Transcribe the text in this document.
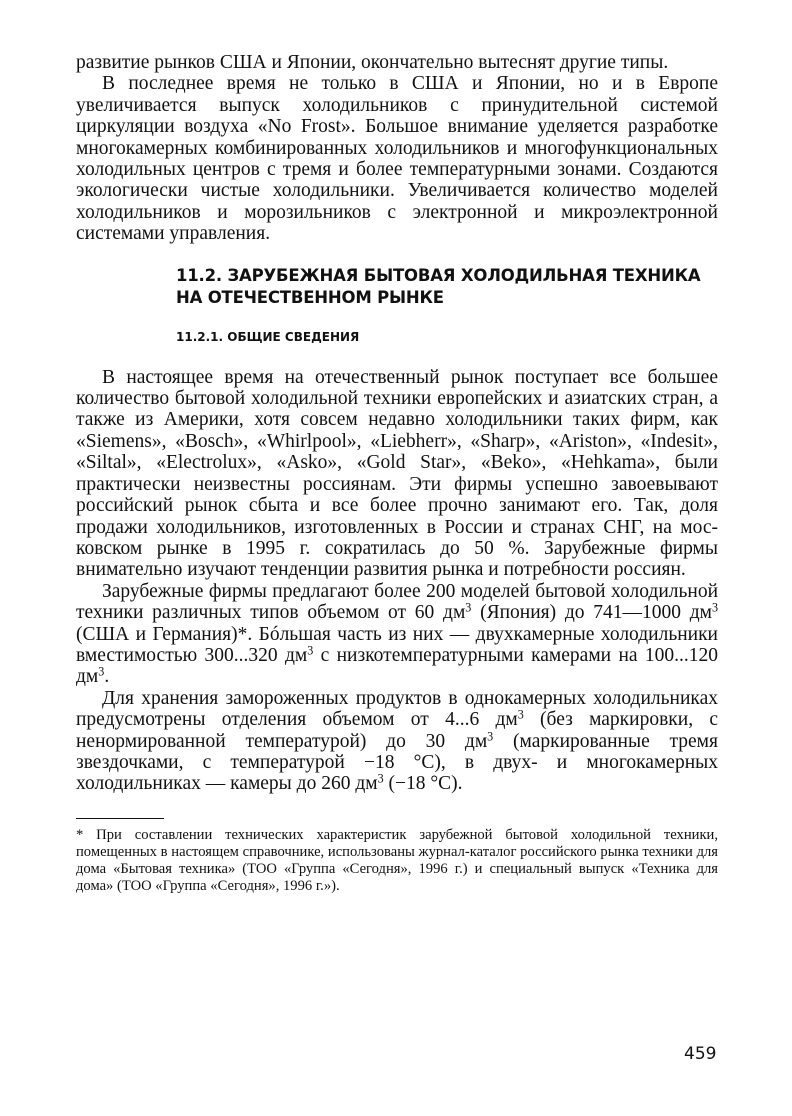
развитие рынков США и Японии, окончательно вытеснят другие типы.

В последнее время не только в США и Японии, но и в Европе увеличивается выпуск холодильников с принудительной системой циркуляции воздуха «No Frost». Большое внимание уделяется разработке многокамерных комбинированных холодильников и многофункциональных холодильных центров с тремя и более температурными зонами. Создаются экологически чистые холодильники. Увеличивается количество моделей холодильников и морозильников с электронной и микроэлектронной системами управления.

11.2. ЗАРУБЕЖНАЯ БЫТОВАЯ ХОЛОДИЛЬНАЯ ТЕХНИКА
НА ОТЕЧЕСТВЕННОМ РЫНКЕ
11.2.1. ОБЩИЕ СВЕДЕНИЯ

В настоящее время на отечественный рынок поступает все большее количество бытовой холодильной техники европейских и азиатских стран, а также из Америки, хотя совсем недавно холодильники таких фирм, как «Siemens», «Bosch», «Whirlpool», «Liebherr», «Sharp», «Ariston», «Indesit», «Siltal», «Electrolux», «Asko», «Gold Star», «Beko», «Hehkama», были практически неизвестны россиянам. Эти фирмы успешно завоевывают российский рынок сбыта и все более прочно занимают его. Так, доля продажи холодильников, изготовленных в России и странах СНГ, на московском рынке в 1995 г. сократилась до 50 %. Зарубежные фирмы внимательно изучают тенденции развития рынка и потребности россиян.

Зарубежные фирмы предлагают более 200 моделей бытовой холодильной техники различных типов объемом от 60 $дм^3$ (Япония) до 741—1000 $дм^3$ (США и Германия)*. Бóльшая часть из них — двухкамерные холодильники вместимостью 300...320 $дм^3$ с низкотемпературными камерами на 100...120 $дм^3$.

Для хранения замороженных продуктов в однокамерных холодильниках предусмотрены отделения объемом от 4...6 $дм^3$ (без маркировки, с ненормированной температурой) до 30 $дм^3$ (маркированные тремя звездочками, с температурой −18 °С), в двух- и многокамерных холодильниках — камеры до 260 $дм^3$ (−18 °С).

* При составлении технических характеристик зарубежной бытовой холодильной техники, помещенных в настоящем справочнике, использованы журнал-каталог российского рынка техники для дома «Бытовая техника» (ТОО «Группа «Сегодня», 1996 г.) и специальный выпуск «Техника для дома» (ТОО «Группа «Сегодня», 1996 г.»).

459
